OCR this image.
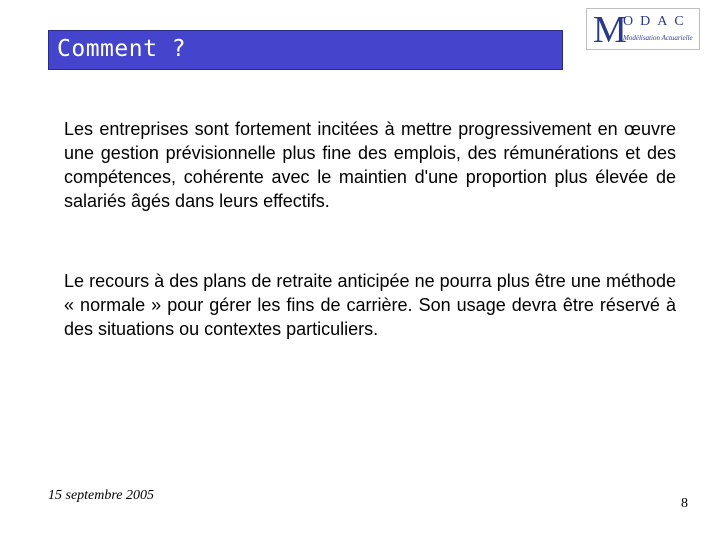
Comment ?	M
ODAC
Modélisation Actuarielle

Les entreprises sont fortement incitées à mettre progressivement en œuvre une gestion prévisionnelle plus fine des emplois, des rémunérations et des compétences, cohérente avec le maintien d'une proportion plus élevée de salariés âgés dans leurs effectifs.

Le recours à des plans de retraite anticipée ne pourra plus être une méthode « normale » pour gérer les fins de carrière. Son usage devra être réservé à des situations ou contextes particuliers.

15 septembre 2005
8
